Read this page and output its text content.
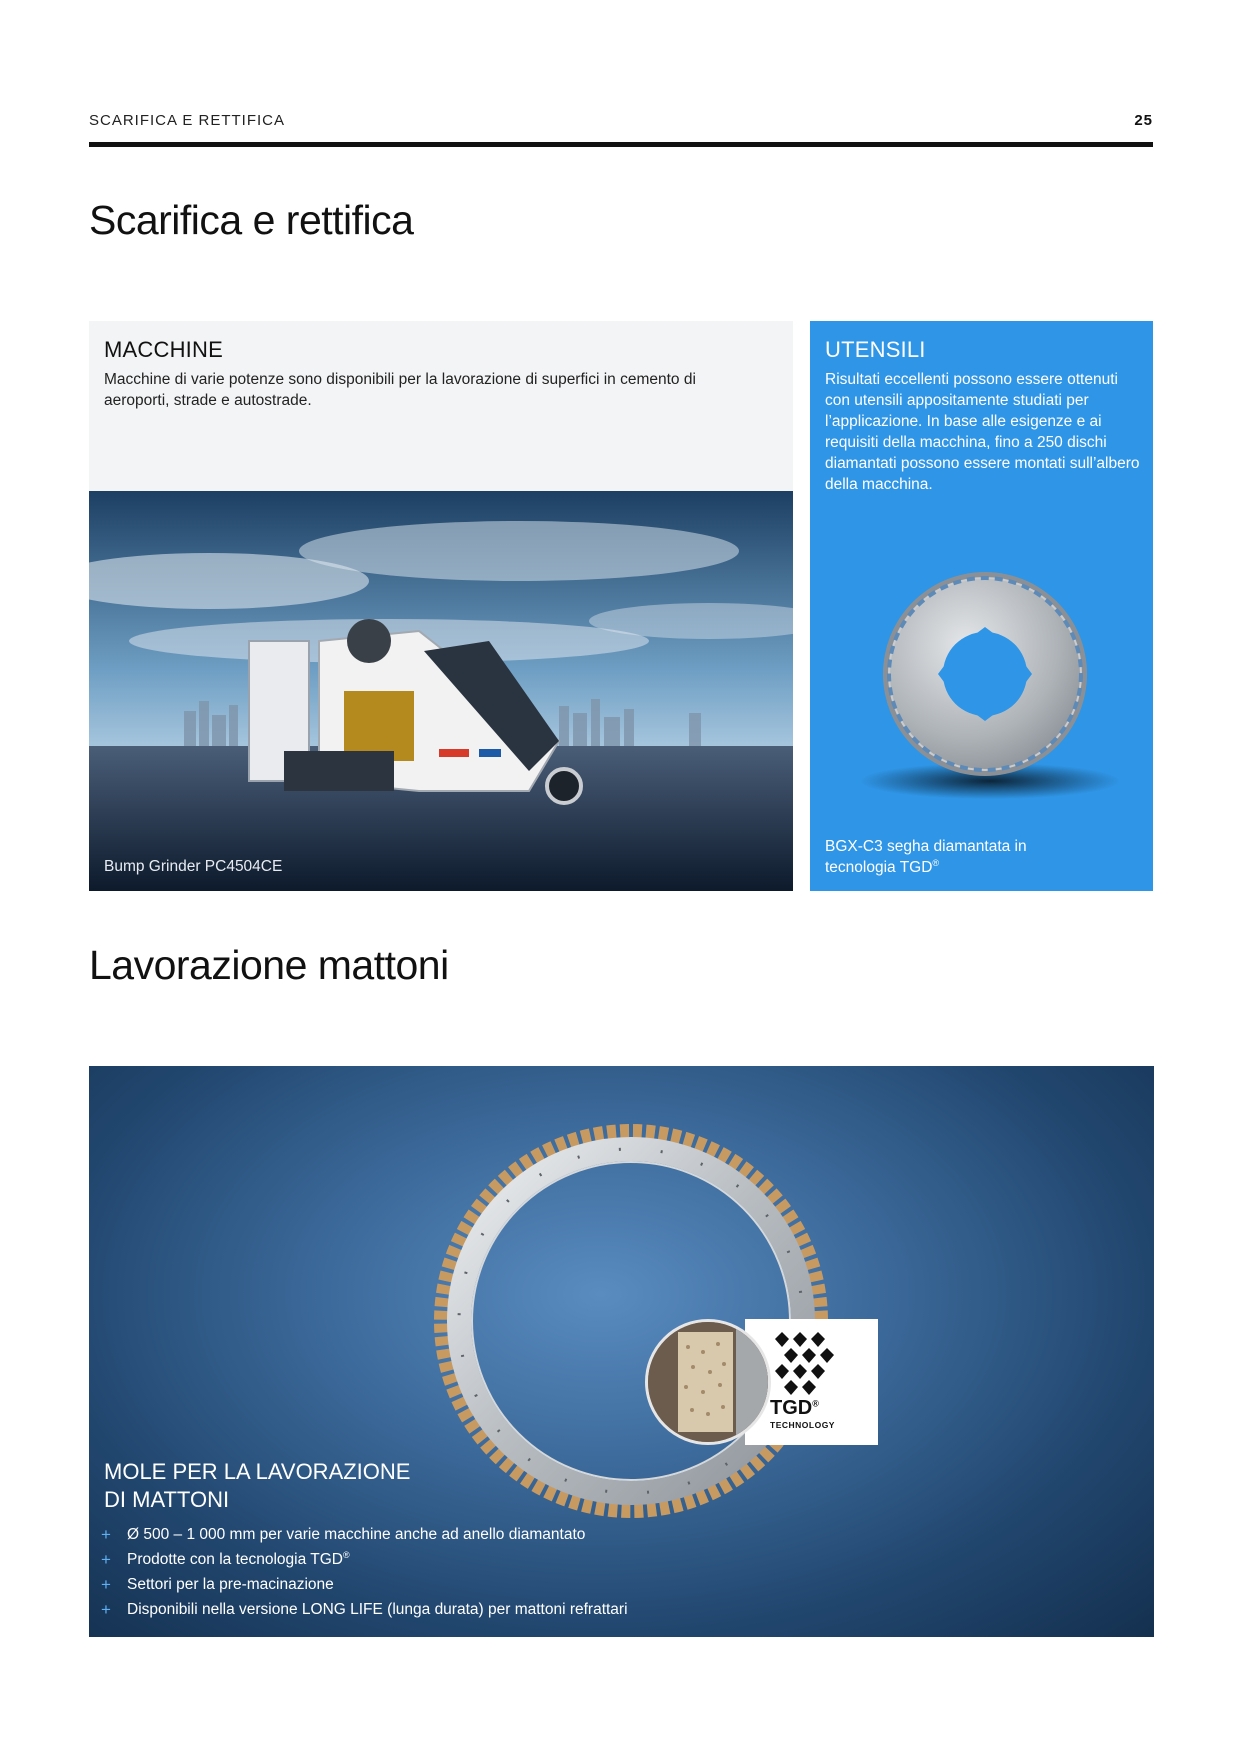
SCARIFICA E RETTIFICA	25
Scarifica e rettifica
MACCHINE

Macchine di varie potenze sono disponibili per la lavorazione di superfici in cemento di aeroporti, strade e autostrade.

Bump Grinder PC4504CE
UTENSILI

Risultati eccellenti possono essere ottenuti con utensili appositamente studiati per l’applicazione. In base alle esigenze e ai requisiti della macchina, fino a 250 dischi diamantati possono essere montati sull’albero della macchina.

BGX-C3 segha diamantata in
tecnologia TGD®

Lavorazione mattoni
TGD®
TECHNOLOGY
MOLE PER LA LAVORAZIONE
DI MATTONI
+ Ø 500 – 1 000 mm per varie macchine anche ad anello diamantato
+ Prodotte con la tecnologia TGD®
+ Settori per la pre-macinazione
+ Disponibili nella versione LONG LIFE (lunga durata) per mattoni refrattari
